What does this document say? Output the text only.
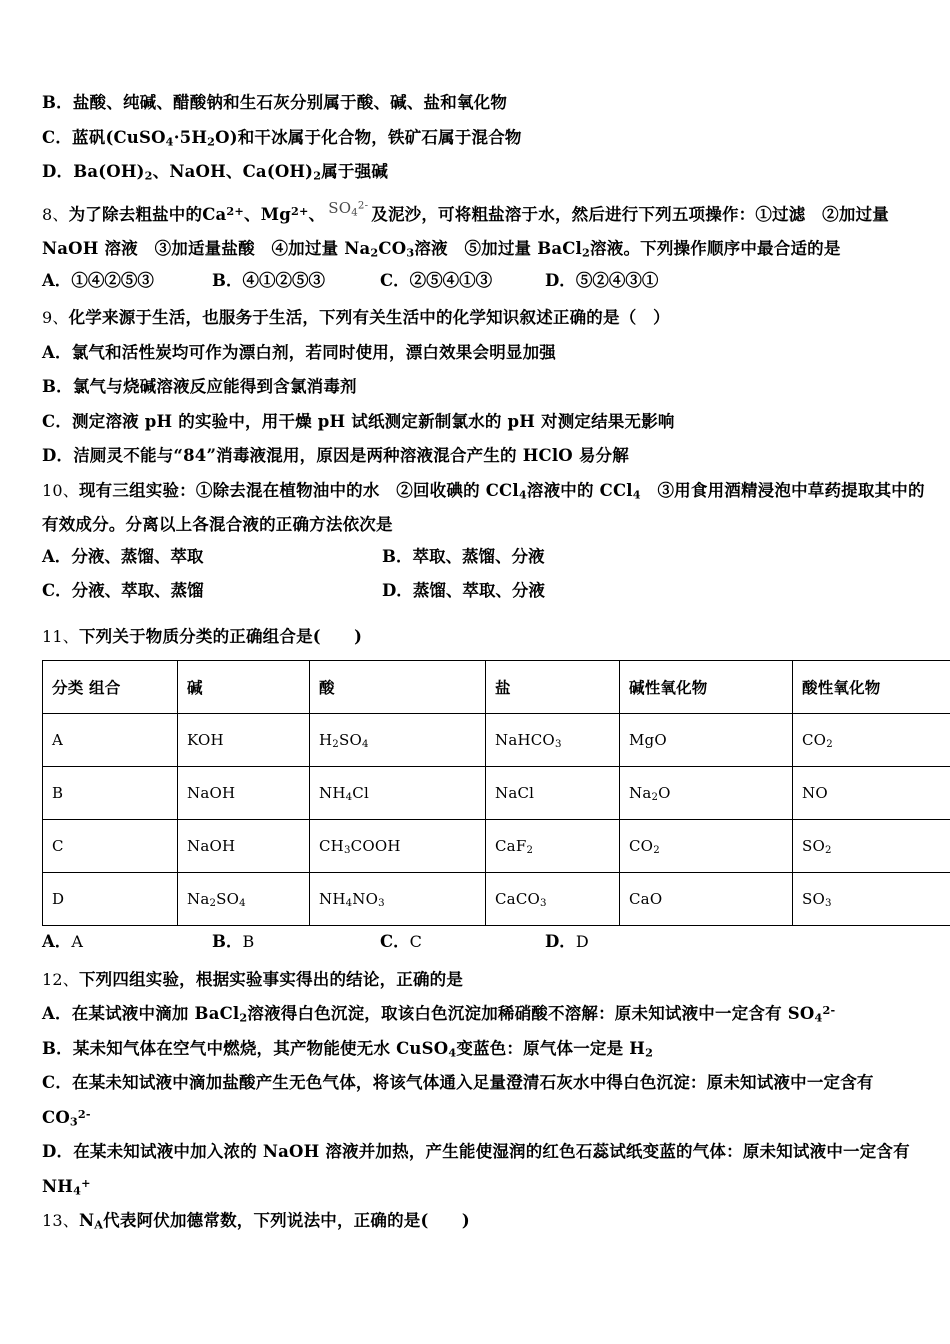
B．盐酸、纯碱、醋酸钠和生石灰分别属于酸、碱、盐和氧化物
C．蓝矾$(CuSO_4\cdot 5H_2O)$和干冰属于化合物，铁矿石属于混合物
D．$Ba(OH)_2$、NaOH、$Ca(OH)_2$属于强碱
8、为了除去粗盐中的$Ca^{2+}$、$Mg^{2+}$、 $SO_4^{2-}$ 及泥沙，可将粗盐溶于水，然后进行下列五项操作：①过滤　②加过量
NaOH 溶液　③加适量盐酸　④加过量 $Na_2CO_3$溶液　⑤加过量 BaCl$_2$溶液。下列操作顺序中最合适的是
A．①④②⑤③	B．④①②⑤③	C．②⑤④①③	D．⑤②④③①
9、化学来源于生活，也服务于生活，下列有关生活中的化学知识叙述正确的是（　）
A．氯气和活性炭均可作为漂白剂，若同时使用，漂白效果会明显加强
B．氯气与烧碱溶液反应能得到含氯消毒剂
C．测定溶液 pH 的实验中，用干燥 pH 试纸测定新制氯水的 pH 对测定结果无影响
D．洁厕灵不能与“84”消毒液混用，原因是两种溶液混合产生的 HClO 易分解
10、现有三组实验：①除去混在植物油中的水　②回收碘的 CCl$_4$溶液中的 CCl$_4$　③用食用酒精浸泡中草药提取其中的
有效成分。分离以上各混合液的正确方法依次是
A．分液、蒸馏、萃取	B．萃取、蒸馏、分液
C．分液、萃取、蒸馏	D．蒸馏、萃取、分液
11、下列关于物质分类的正确组合是(　　)
分类 组合	碱	酸	盐	碱性氧化物	酸性氧化物
A	KOH	$H_2SO_4$	NaHCO$_3$	MgO	$CO_2$
B	NaOH	$NH_4Cl$	NaCl	$Na_2O$	NO
C	NaOH	$CH_3COOH$	CaF$_2$	$CO_2$	$SO_2$
D	$Na_2SO_4$	$NH_4NO_3$	CaCO$_3$	CaO	$SO_3$
A．A	B．B	C．C	D．D
12、下列四组实验，根据实验事实得出的结论，正确的是
A．在某试液中滴加 BaCl$_2$溶液得白色沉淀，取该白色沉淀加稀硝酸不溶解：原未知试液中一定含有 $SO_4^{2-}$
B．某未知气体在空气中燃烧，其产物能使无水 CuSO$_4$变蓝色：原气体一定是 $H_2$
C．在某未知试液中滴加盐酸产生无色气体，将该气体通入足量澄清石灰水中得白色沉淀：原未知试液中一定含有
$CO_3^{2-}$
D．在某未知试液中加入浓的 NaOH 溶液并加热，产生能使湿润的红色石蕊试纸变蓝的气体：原未知试液中一定含有
$NH_4^+$
13、$N_A$代表阿伏加德常数，下列说法中，正确的是(　　)
